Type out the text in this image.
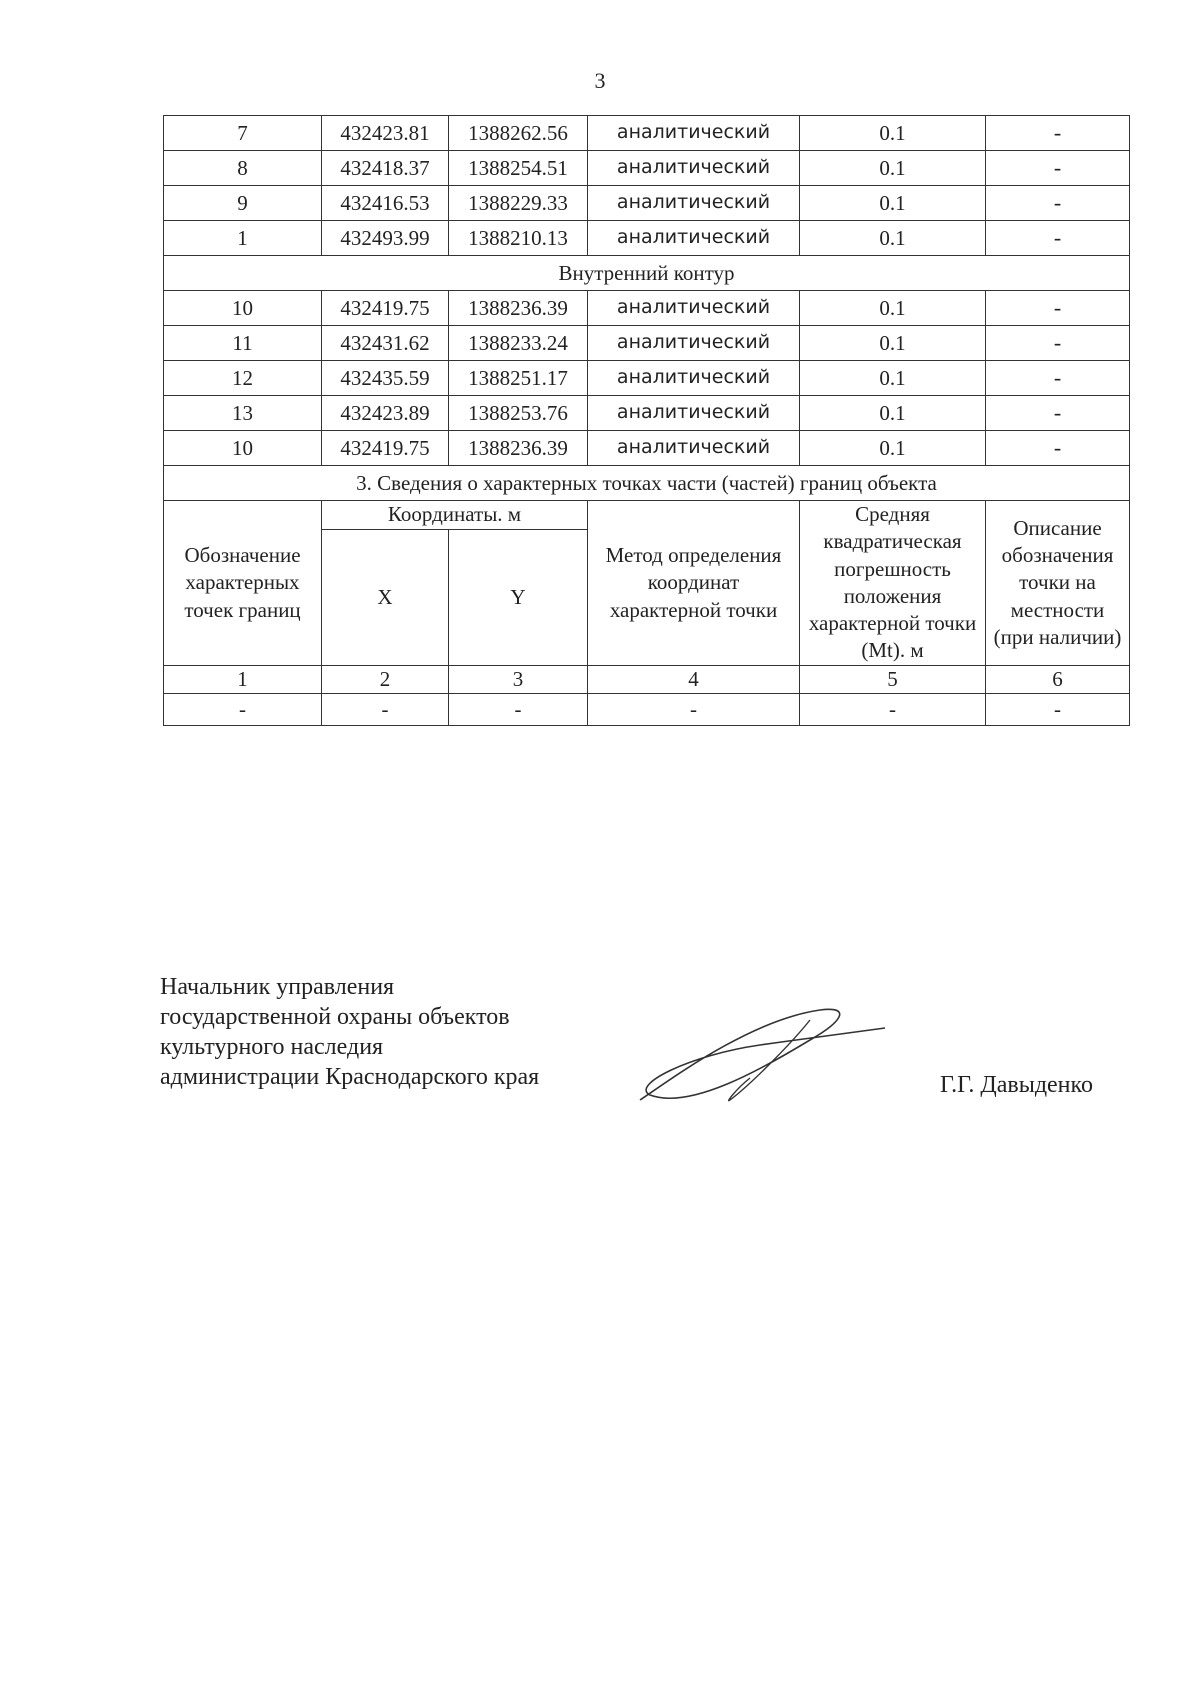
3
7	432423.81	1388262.56	аналитический	0.1	-
8	432418.37	1388254.51	аналитический	0.1	-
9	432416.53	1388229.33	аналитический	0.1	-
1	432493.99	1388210.13	аналитический	0.1	-
Внутренний контур					
10	432419.75	1388236.39	аналитический	0.1	-
11	432431.62	1388233.24	аналитический	0.1	-
12	432435.59	1388251.17	аналитический	0.1	-
13	432423.89	1388253.76	аналитический	0.1	-
10	432419.75	1388236.39	аналитический	0.1	-
3. Сведения о характерных точках части (частей) границ объекта					
Обозначение характерных точек границ	Координаты. м		Метод определения координат характерной точки	Средняя квадратическая погрешность положения характерной точки (Mt). м	Описание обозначения точки на местности (при наличии)
	X	Y			
1	2	3	4	5	6
-	-	-	-	-	-
Начальник управления
государственной охраны объектов
культурного наследия
администрации Краснодарского края	Г.Г. Давыденко
